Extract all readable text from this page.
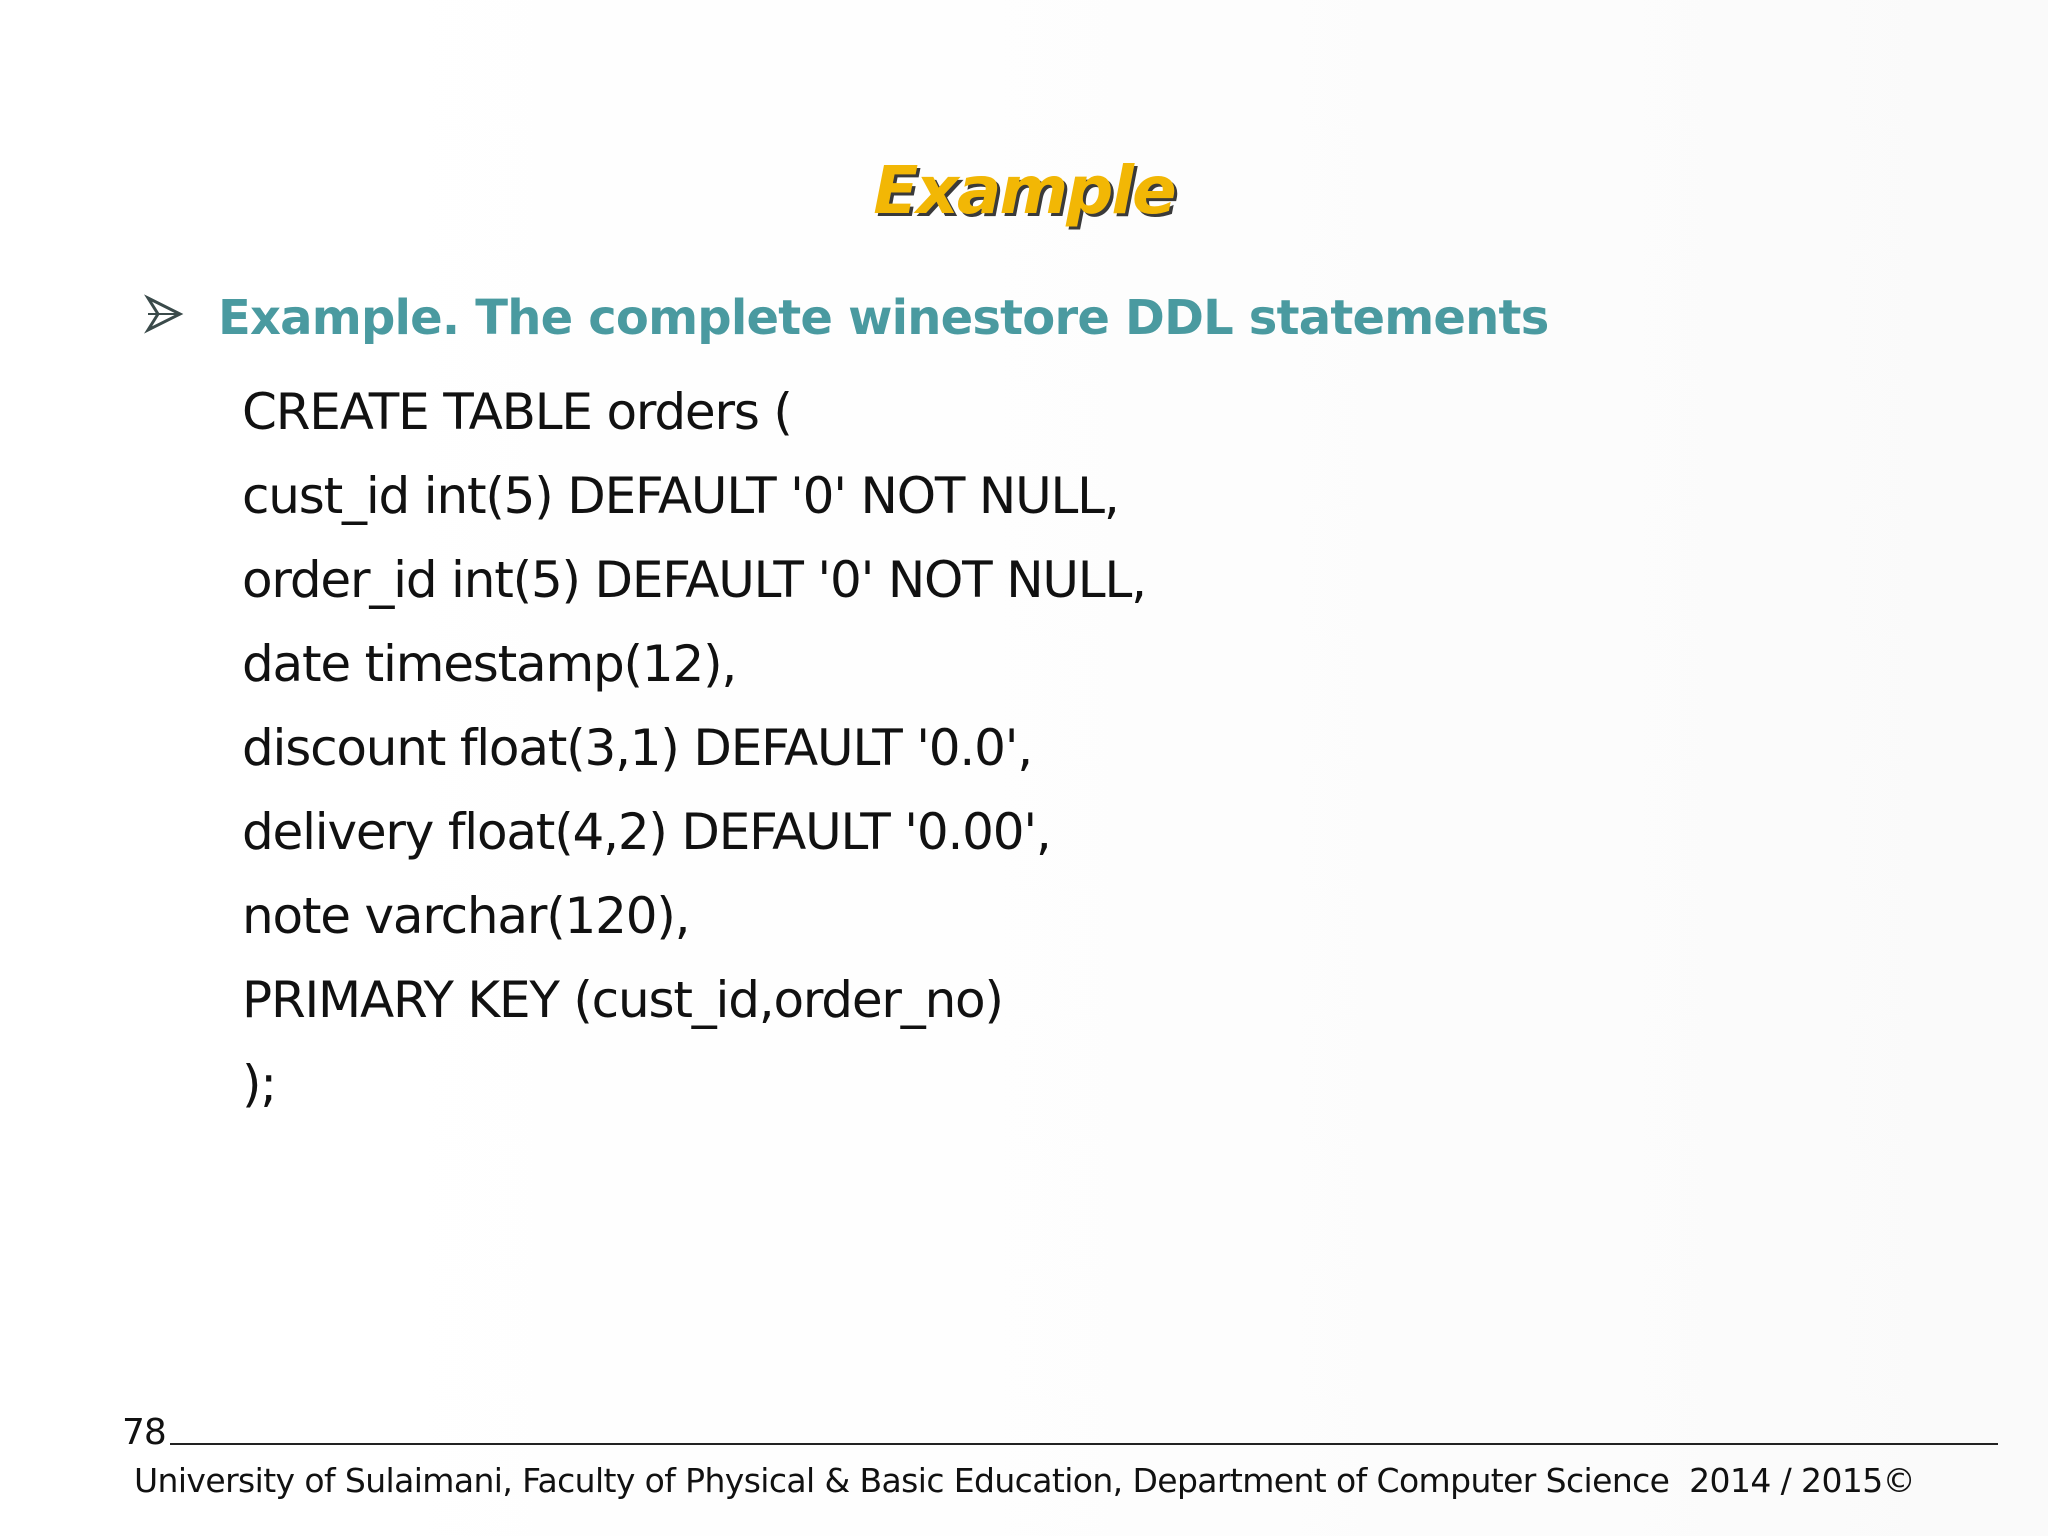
Example
Example. The complete winestore DDL statements
CREATE TABLE orders (
cust_id int(5) DEFAULT '0' NOT NULL,
order_id int(5) DEFAULT '0' NOT NULL,
date timestamp(12),
discount float(3,1) DEFAULT '0.0',
delivery float(4,2) DEFAULT '0.00',
note varchar(120),
PRIMARY KEY (cust_id,order_no)
);
78
University of Sulaimani, Faculty of Physical & Basic Education, Department of Computer Science  2014 / 2015©
